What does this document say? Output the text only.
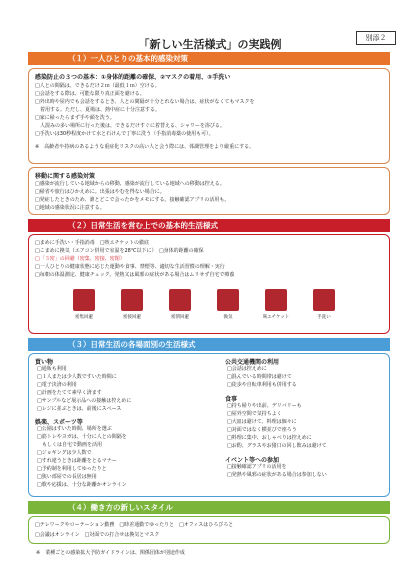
「新しい生活様式」の実践例	別添２
（１）一人ひとりの基本的感染対策
感染防止の３つの基本：①身体的距離の確保、②マスクの着用、③手洗い
□人との間隔は、できるだけ２ｍ（最低１ｍ）空ける。
□会話をする際は、可能な限り真正面を避ける。
□外出時や屋内でも会話をするとき、人との間隔が十分とれない場合は、症状がなくてもマスクを
　着用する。ただし、夏場は、熱中症に十分注意する。
□家に帰ったらまず手や顔を洗う。
　人混みの多い場所に行った後は、できるだけすぐに着替える、シャワーを浴びる。
□手洗いは30秒程度かけて水と石けんで丁寧に洗う（手指消毒薬の使用も可）。
※　高齢者や持病のあるような重症化リスクの高い人と会う際には、体調管理をより厳重にする。
移動に関する感染対策
□感染が流行している地域からの移動、感染が流行している地域への移動は控える。
□帰省や旅行はひかえめに。出張はやむを得ない場合に。
□発症したときのため、誰とどこで会ったかをメモにする。接触確認アプリの活用も。
□地域の感染状況に注意する。
（２）日常生活を営む上での基本的生活様式
□まめに手洗い・手指消毒　□咳エチケットの徹底
□こまめに換気（エアコン併用で室温を28℃以下に）　□身体的距離の確保
□「３密」の回避（密集、密接、密閉）
□一人ひとりの健康状態に応じた運動や食事、禁煙等、適切な生活習慣の理解・実行
□毎朝の体温測定、健康チェック。発熱又は風邪の症状がある場合はムリせず自宅で療養
密集回避	密接回避	密閉回避	換気	咳エチケット	手洗い
（３）日常生活の各場面別の生活様式
買い物
□通販も利用
□１人または少人数ですいた時間に
□電子決済の利用
□計画をたてて素早く済ます
□サンプルなど展示品への接触は控えめに
□レジに並ぶときは、前後にスペース
娯楽、スポーツ等
□公園はすいた時間、場所を選ぶ
□筋トレやヨガは、十分に人との間隔を
　もしくは自宅で動画を活用
□ジョギングは少人数で
□すれ違うときは距離をとるマナー
□予約制を利用してゆったりと
□狭い部屋での長居は無用
□歌や応援は、十分な距離かオンライン
公共交通機関の利用
□会話は控えめに
□混んでいる時間帯は避けて
□徒歩や自転車利用も併用する
食事
□持ち帰りや出前、デリバリーも
□屋外空間で気持ちよく
□大皿は避けて、料理は個々に
□対面ではなく横並びで座ろう
□料理に集中、おしゃべりは控えめに
□お酌、グラスやお猪口の回し飲みは避けて
イベント等への参加
□接触確認アプリの活用を
□発熱や風邪の症状がある場合は参加しない
（４）働き方の新しいスタイル
□テレワークやローテーション勤務　□時差通勤でゆったりと　□オフィスはひろびろと
□会議はオンライン　□対面での打合せは換気とマスク
※　業種ごとの感染拡大予防ガイドラインは、関係団体が別途作成
